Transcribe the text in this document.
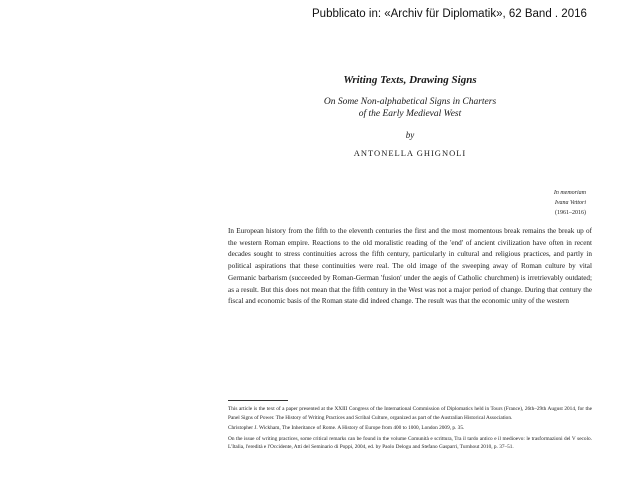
Pubblicato in: «Archiv für Diplomatik», 62 Band . 2016
Writing Texts, Drawing Signs

On Some Non-alphabetical Signs in Charters

of the Early Medieval West

by

ANTONELLA GHIGNOLI

In memoriam
Ivana Vettori
(1961–2016)

In European history from the fifth to the eleventh centuries the first and the most momentous break remains the break up of the western Roman empire. Reactions to the old moralistic reading of the 'end' of ancient civilization have often in recent decades sought to stress continuities across the fifth century, particularly in cultural and religious practices, and partly in political aspirations that these continuities were real. The old image of the sweeping away of Roman culture by vital Germanic barbarism (succeeded by Roman-German 'fusion' under the aegis of Catholic churchmen) is irretrievably outdated; as a result. But this does not mean that the fifth century in the West was not a major period of change. During that century the fiscal and economic basis of the Roman state did indeed change. The result was that the economic unity of the western

This article is the text of a paper presented at the XXIII Congress of the International Commission of Diplomatics held in Tours (France), 26th–29th August 2014, for the Panel Signs of Power. The History of Writing Practices and Scribal Culture, organized as part of the Australian Historical Association.

Christopher J. Wickham, The Inheritance of Rome. A History of Europe from 400 to 1000, London 2009, p. 35.

On the issue of writing practices, some critical remarks can be found in the volume Comunità e scrittura, Tra il tardo antico e il medioevo: le trasformazioni del V secolo. L'Italia, l'eredità e l'Occidente, Atti del Seminario di Poppi, 2004, ed. by Paolo Delogu and Stefano Gasparri, Turnhout 2010, p. 37–51.
